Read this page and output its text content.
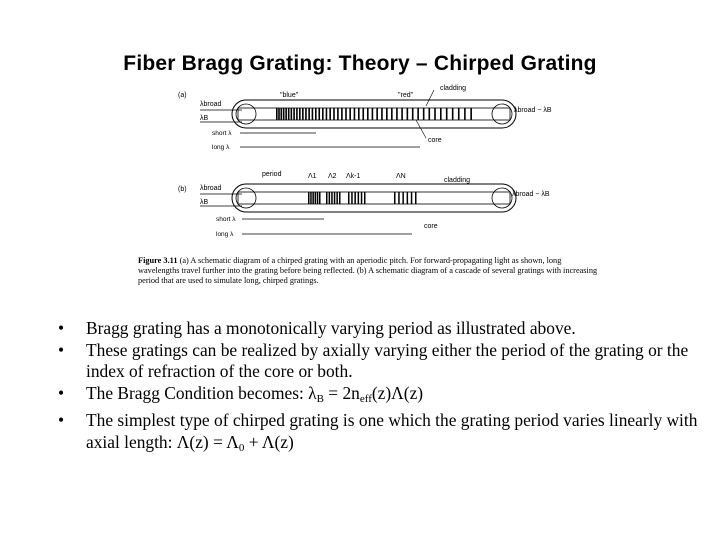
Fiber Bragg Grating: Theory – Chirped Grating
(a)	"blue"	"red"
cladding
λbroad
λB
λbroad − λB
core
short λ
long λ
(b)
period	Λ1 Λ2 Λk-1	ΛN
cladding
λbroad
λB
λbroad − λB
core
short λ
long λ
Figure 3.11 (a) A schematic diagram of a chirped grating with an aperiodic pitch. For forward-propagating light as shown, long wavelengths travel further into the grating before being reflected. (b) A schematic diagram of a cascade of several gratings with increasing period that are used to simulate long, chirped gratings.
• Bragg grating has a monotonically varying period as illustrated above.
• These gratings can be realized by axially varying either the period of the grating or the index of refraction of the core or both.
• The Bragg Condition becomes: $\lambda_B = 2n_{eff}(z)\Lambda(z)$
• The simplest type of chirped grating is one which the grating period varies linearly with axial length: $\Lambda(z) = \Lambda_0 + \Lambda(z)$
